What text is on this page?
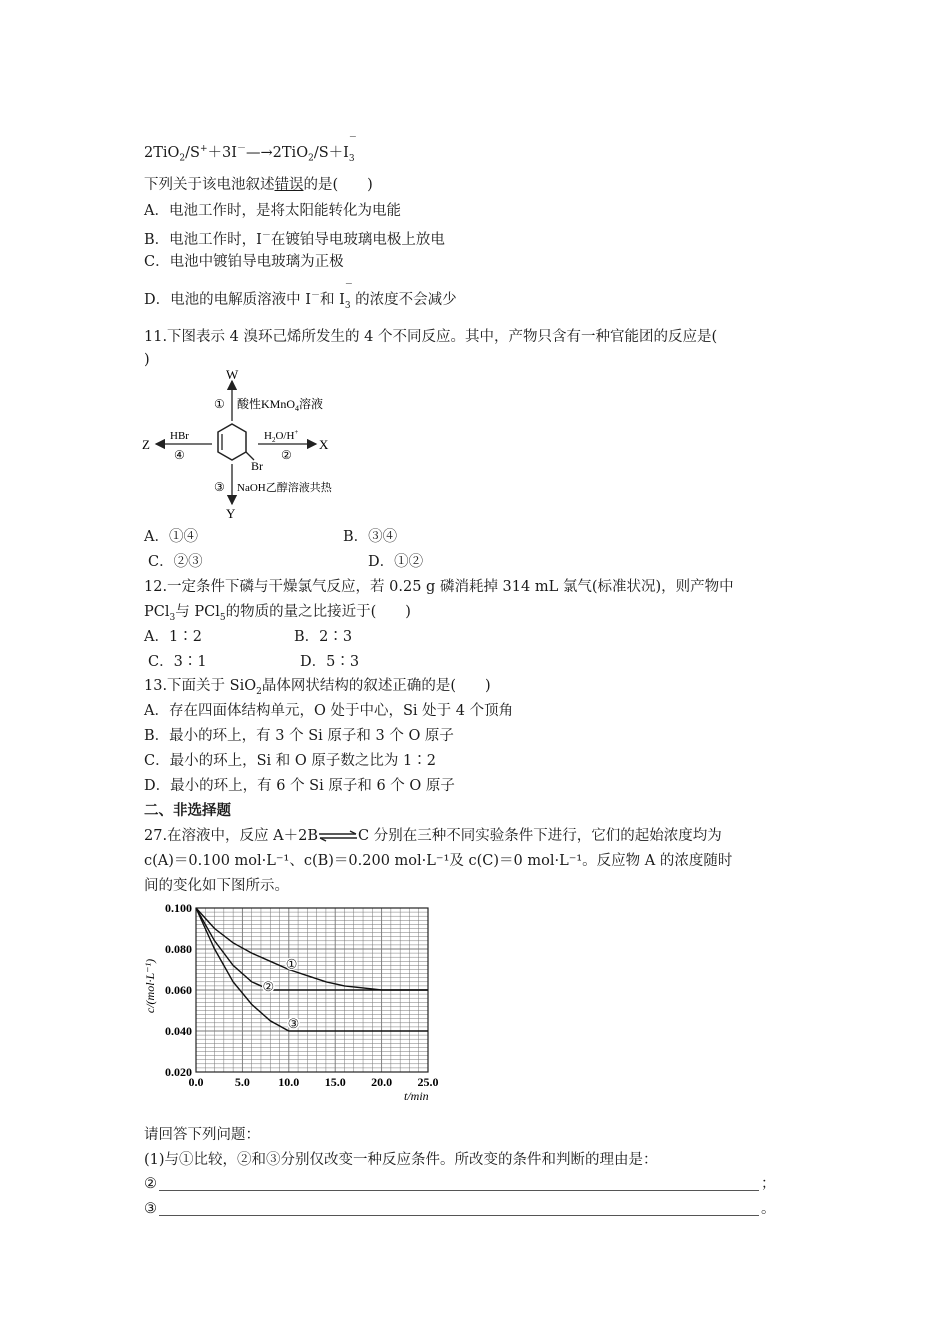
2TiO$_2$/S+＋3I－—→2TiO$_2$/S＋I‾ $_3$
下列关于该电池叙述错误的是(　　)
A．电池工作时，是将太阳能转化为电能
B．电池工作时，I－在镀铂导电玻璃电极上放电
C．电池中镀铂导电玻璃为正极
D．电池的电解质溶液中 I－和 I‾ $_3$ 的浓度不会减少
11.下图表示 4 溴环己烯所发生的 4 个不同反应。其中，产物只含有一种官能团的反应是(
)
Br
W
① 酸性KMnO$_4$溶液
X
$H_2O/H^+$
②
Z
HBr
④
Y
③ NaOH乙醇溶液共热
A．①④	B．③④
C．②③	D．①②
12.一定条件下磷与干燥氯气反应，若 0.25 g 磷消耗掉 314 mL 氯气(标准状况)，则产物中
PCl$_3$与 PCl$_5$的物质的量之比接近于(　　)
A．1∶2	B．2∶3
C．3∶1	D．5∶3
13.下面关于 SiO$_2$晶体网状结构的叙述正确的是(　　)
A．存在四面体结构单元，O 处于中心，Si 处于 4 个顶角
B．最小的环上，有 3 个 Si 原子和 3 个 O 原子
C．最小的环上，Si 和 O 原子数之比为 1∶2
D．最小的环上，有 6 个 Si 原子和 6 个 O 原子
二、非选择题
27.在溶液中，反应 A＋2B⇌C 分别在三种不同实验条件下进行，它们的起始浓度均为
c(A)＝0.100 mol·L⁻¹、c(B)＝0.200 mol·L⁻¹及 c(C)＝0 mol·L⁻¹。反应物 A 的浓度随时
间的变化如下图所示。
0.0	5.0 10.0 15.0 20.0 25.0
0.020
0.040
0.060
0.080
0.100
t/min
c/(mol·L⁻¹)	①
②
③
请回答下列问题：
(1)与①比较，②和③分别仅改变一种反应条件。所改变的条件和判断的理由是：
②	；
③	。
